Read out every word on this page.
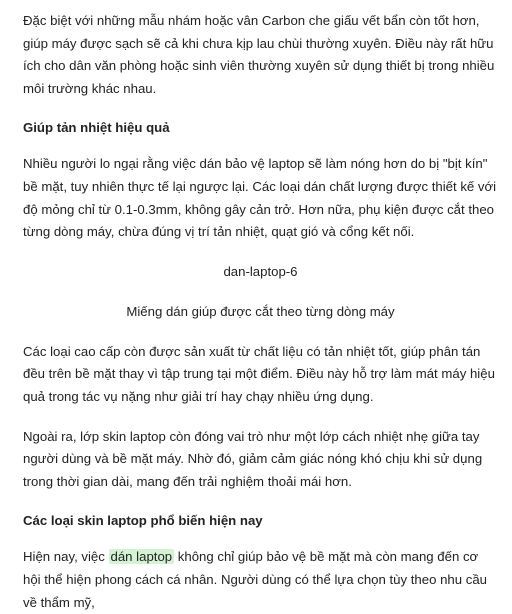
Đặc biệt với những mẫu nhám hoặc vân Carbon che giấu vết bẩn còn tốt hơn, giúp máy được sạch sẽ cả khi chưa kịp lau chùi thường xuyên. Điều này rất hữu ích cho dân văn phòng hoặc sinh viên thường xuyên sử dụng thiết bị trong nhiều môi trường khác nhau.

Giúp tản nhiệt hiệu quả

Nhiều người lo ngại rằng việc dán bảo vệ laptop sẽ làm nóng hơn do bị "bịt kín" bề mặt, tuy nhiên thực tế lại ngược lại. Các loại dán chất lượng được thiết kế với độ mỏng chỉ từ 0.1-0.3mm, không gây cản trở. Hơn nữa, phụ kiện được cắt theo từng dòng máy, chừa đúng vị trí tản nhiệt, quạt gió và cổng kết nối.

dan-laptop-6

Miếng dán giúp được cắt theo từng dòng máy

Các loại cao cấp còn được sản xuất từ chất liệu có tản nhiệt tốt, giúp phân tán đều trên bề mặt thay vì tập trung tại một điểm. Điều này hỗ trợ làm mát máy hiệu quả trong tác vụ nặng như giải trí hay chạy nhiều ứng dụng.

Ngoài ra, lớp skin laptop còn đóng vai trò như một lớp cách nhiệt nhẹ giữa tay người dùng và bề mặt máy. Nhờ đó, giảm cảm giác nóng khó chịu khi sử dụng trong thời gian dài, mang đến trải nghiệm thoải mái hơn.

Các loại skin laptop phổ biến hiện nay

Hiện nay, việc dán laptop không chỉ giúp bảo vệ bề mặt mà còn mang đến cơ hội thể hiện phong cách cá nhân. Người dùng có thể lựa chọn tùy theo nhu cầu về thẩm mỹ,
